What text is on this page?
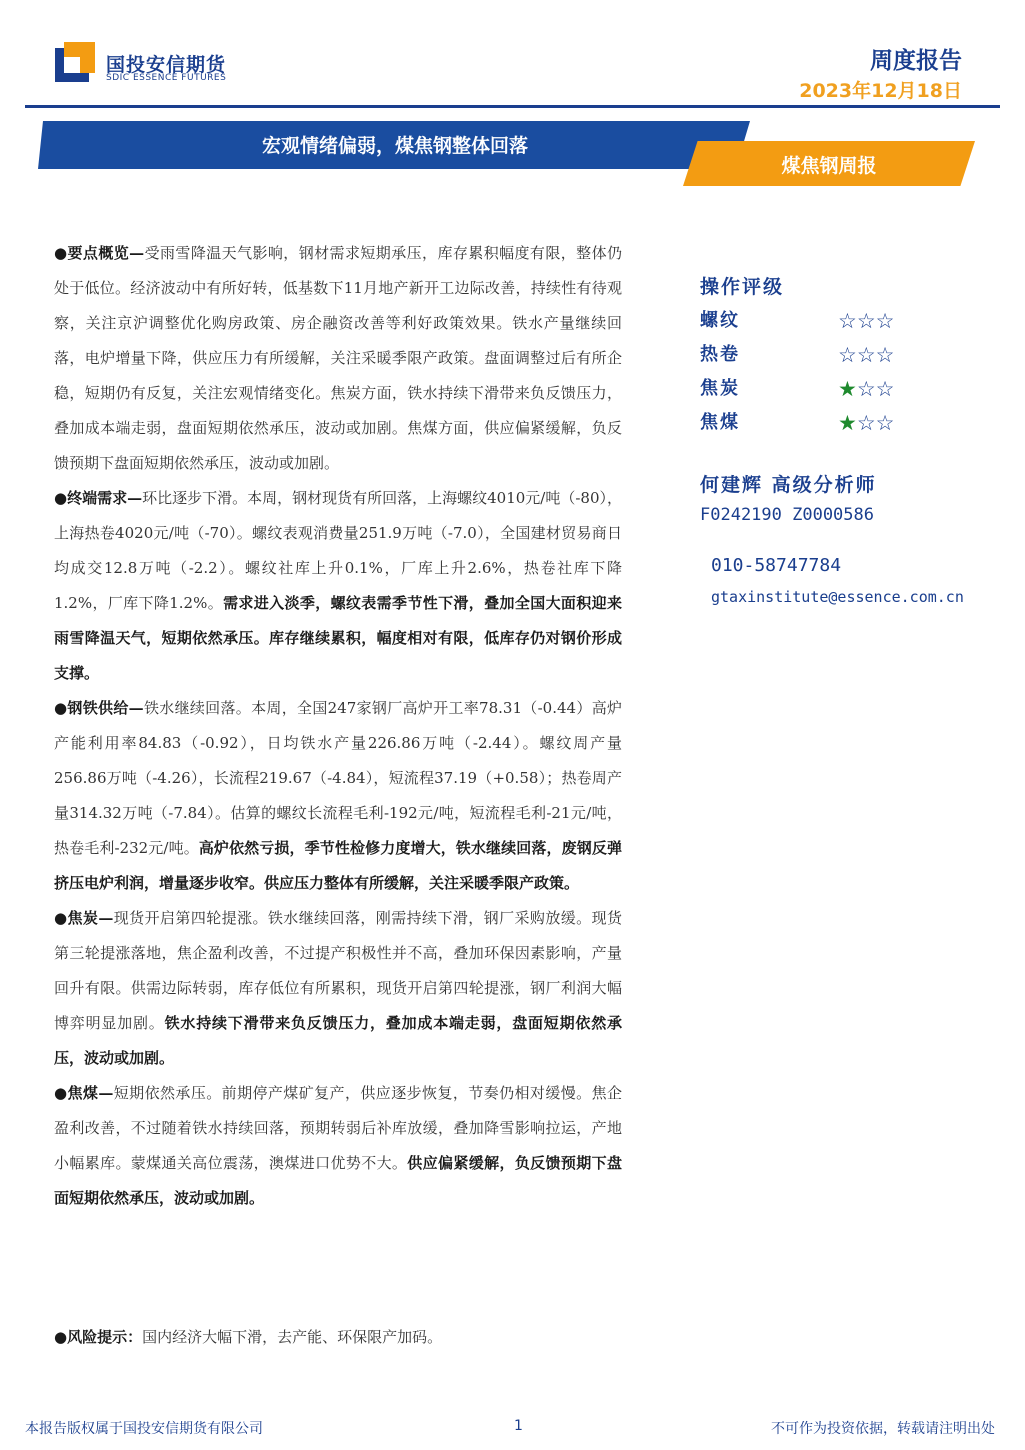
国投安信期货
SDIC ESSENCE FUTURES
周度报告
2023年12月18日
宏观情绪偏弱，煤焦钢整体回落
煤焦钢周报

●要点概览—受雨雪降温天气影响，钢材需求短期承压，库存累积幅度有限，整体仍处于低位。经济波动中有所好转，低基数下11月地产新开工边际改善，持续性有待观察，关注京沪调整优化购房政策、房企融资改善等利好政策效果。铁水产量继续回落，电炉增量下降，供应压力有所缓解，关注采暖季限产政策。盘面调整过后有所企稳，短期仍有反复，关注宏观情绪变化。焦炭方面，铁水持续下滑带来负反馈压力，叠加成本端走弱，盘面短期依然承压，波动或加剧。焦煤方面，供应偏紧缓解，负反馈预期下盘面短期依然承压，波动或加剧。

●终端需求—环比逐步下滑。本周，钢材现货有所回落，上海螺纹4010元/吨（-80），上海热卷4020元/吨（-70）。螺纹表观消费量251.9万吨（-7.0），全国建材贸易商日均成交12.8万吨（-2.2）。螺纹社库上升0.1%，厂库上升2.6%，热卷社库下降1.2%，厂库下降1.2%。需求进入淡季，螺纹表需季节性下滑，叠加全国大面积迎来雨雪降温天气，短期依然承压。库存继续累积，幅度相对有限，低库存仍对钢价形成支撑。

●钢铁供给—铁水继续回落。本周，全国247家钢厂高炉开工率78.31（-0.44）高炉产能利用率84.83（-0.92），日均铁水产量226.86万吨（-2.44）。螺纹周产量256.86万吨（-4.26），长流程219.67（-4.84），短流程37.19（+0.58）；热卷周产量314.32万吨（-7.84）。估算的螺纹长流程毛利-192元/吨，短流程毛利-21元/吨，热卷毛利-232元/吨。高炉依然亏损，季节性检修力度增大，铁水继续回落，废钢反弹挤压电炉利润，增量逐步收窄。供应压力整体有所缓解，关注采暖季限产政策。

●焦炭—现货开启第四轮提涨。铁水继续回落，刚需持续下滑，钢厂采购放缓。现货第三轮提涨落地，焦企盈利改善，不过提产积极性并不高，叠加环保因素影响，产量回升有限。供需边际转弱，库存低位有所累积，现货开启第四轮提涨，钢厂利润大幅博弈明显加剧。铁水持续下滑带来负反馈压力，叠加成本端走弱，盘面短期依然承压，波动或加剧。

●焦煤—短期依然承压。前期停产煤矿复产，供应逐步恢复，节奏仍相对缓慢。焦企盈利改善，不过随着铁水持续回落，预期转弱后补库放缓，叠加降雪影响拉运，产地小幅累库。蒙煤通关高位震荡，澳煤进口优势不大。供应偏紧缓解，负反馈预期下盘面短期依然承压，波动或加剧。

●风险提示：国内经济大幅下滑，去产能、环保限产加码。
操作评级
螺纹	☆☆☆
热卷	☆☆☆
焦炭	★☆☆
焦煤	★☆☆
何建辉 高级分析师
F0242190 Z0000586
010-58747784
gtaxinstitute@essence.com.cn
本报告版权属于国投安信期货有限公司	1	不可作为投资依据，转载请注明出处
